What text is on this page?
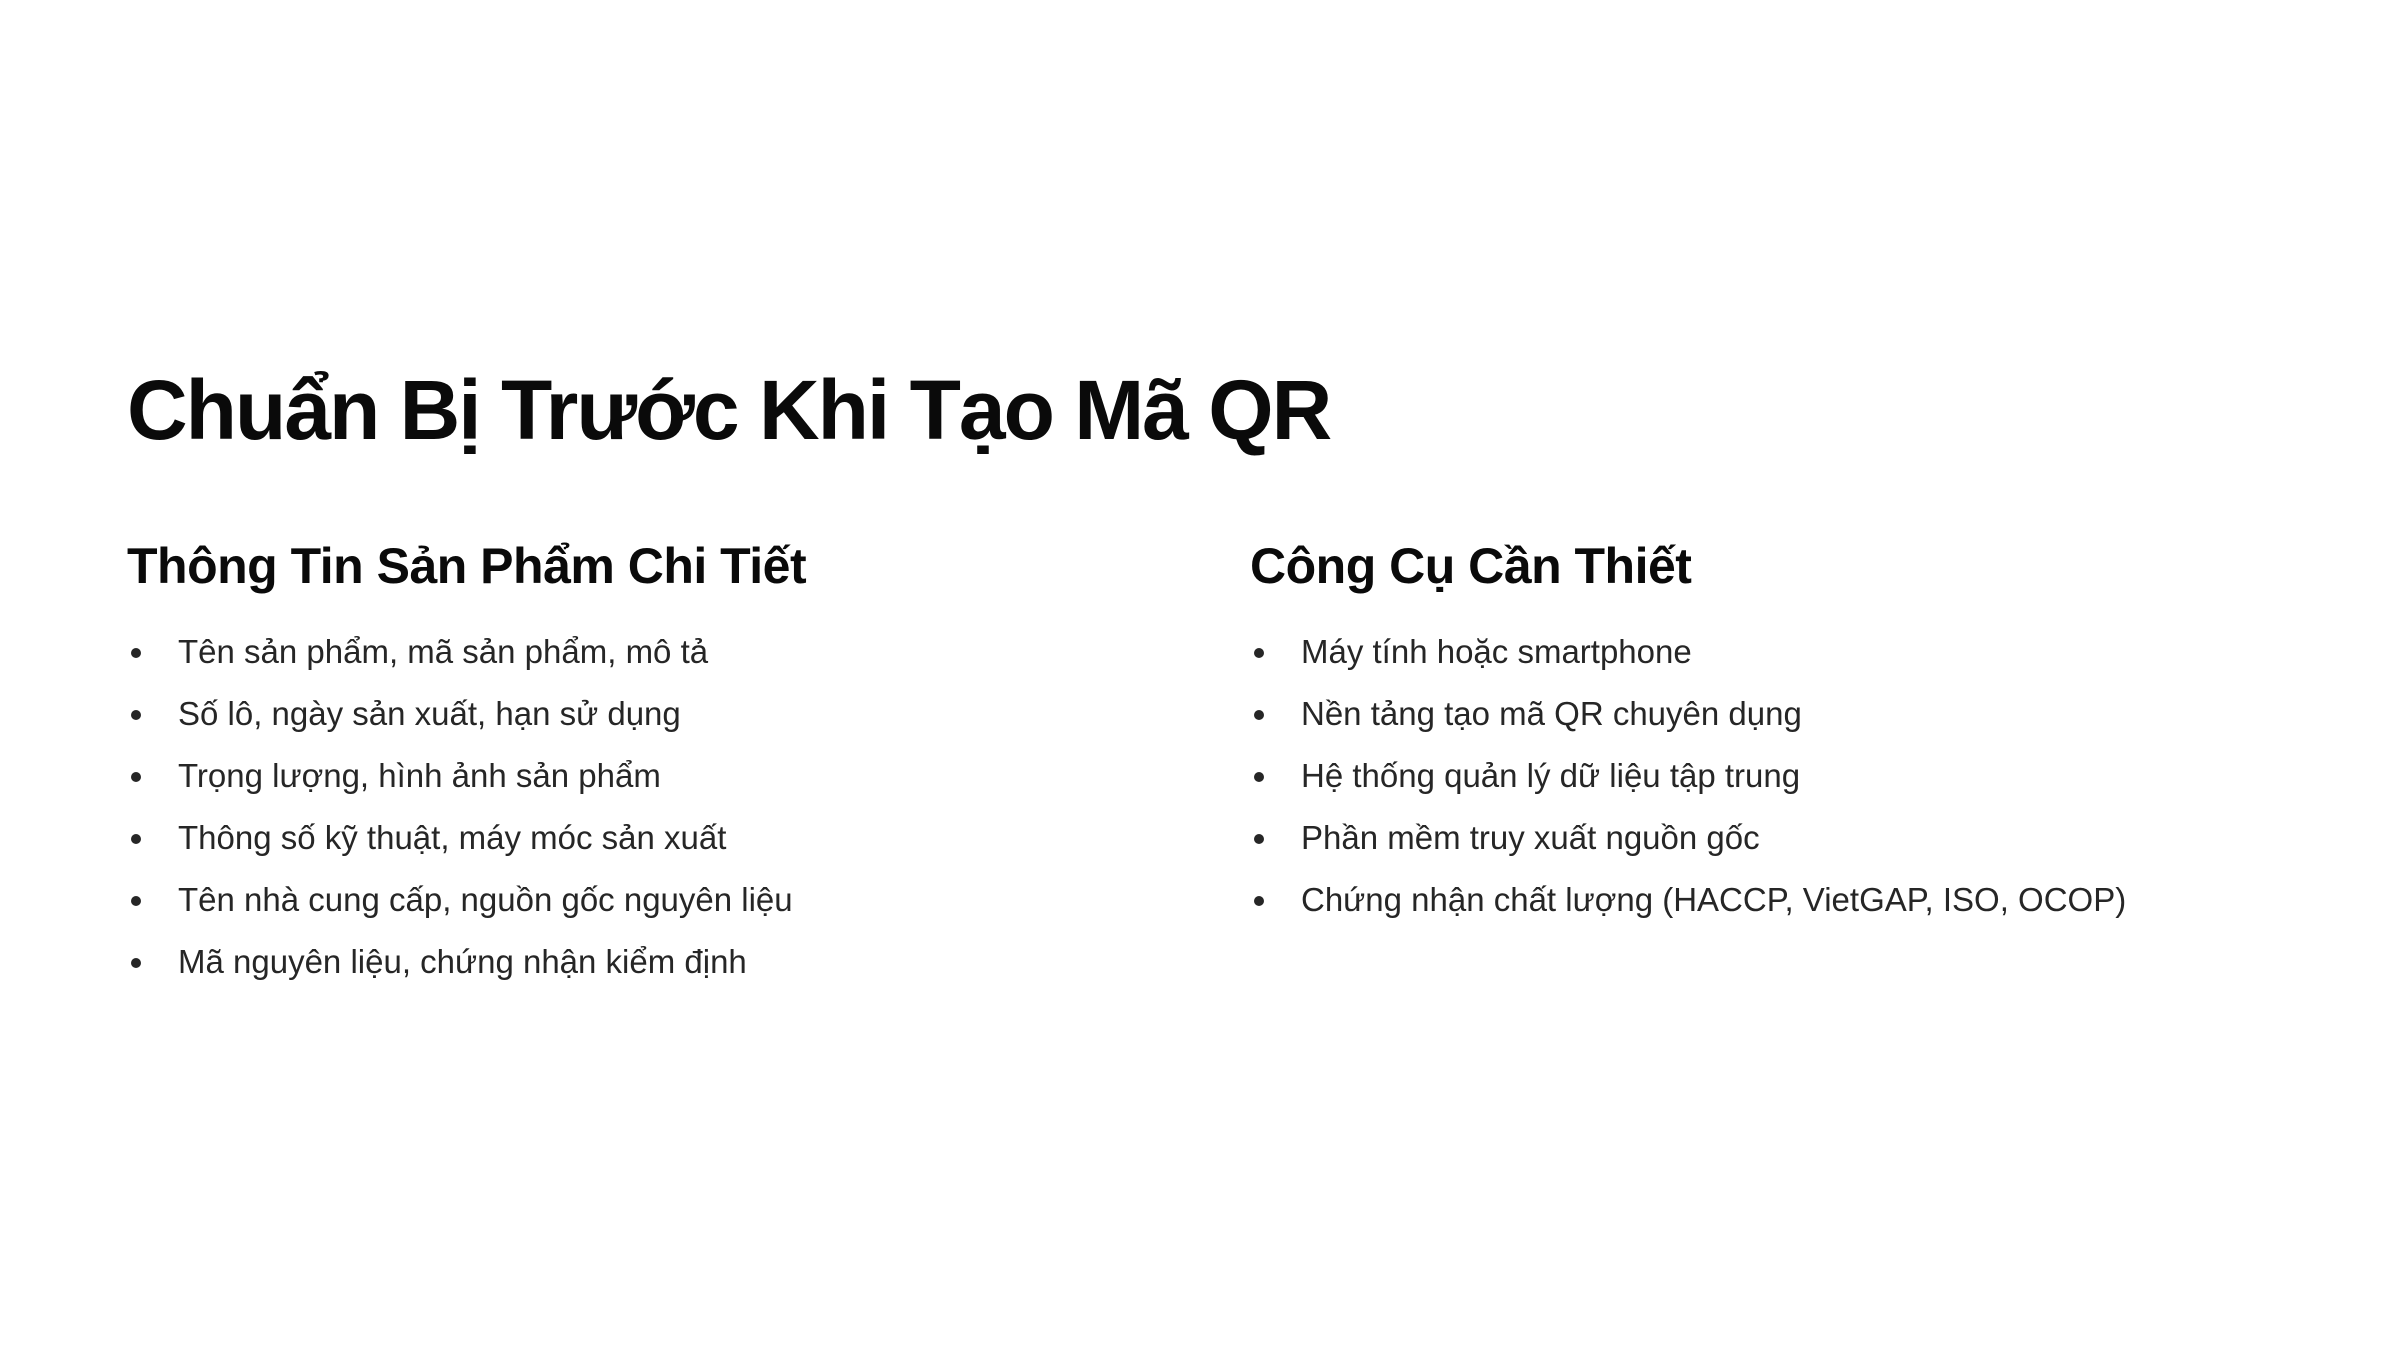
Chuẩn Bị Trước Khi Tạo Mã QR
Thông Tin Sản Phẩm Chi Tiết
Tên sản phẩm, mã sản phẩm, mô tả
Số lô, ngày sản xuất, hạn sử dụng
Trọng lượng, hình ảnh sản phẩm
Thông số kỹ thuật, máy móc sản xuất
Tên nhà cung cấp, nguồn gốc nguyên liệu
Mã nguyên liệu, chứng nhận kiểm định
Công Cụ Cần Thiết
Máy tính hoặc smartphone
Nền tảng tạo mã QR chuyên dụng
Hệ thống quản lý dữ liệu tập trung
Phần mềm truy xuất nguồn gốc
Chứng nhận chất lượng (HACCP, VietGAP, ISO, OCOP)
